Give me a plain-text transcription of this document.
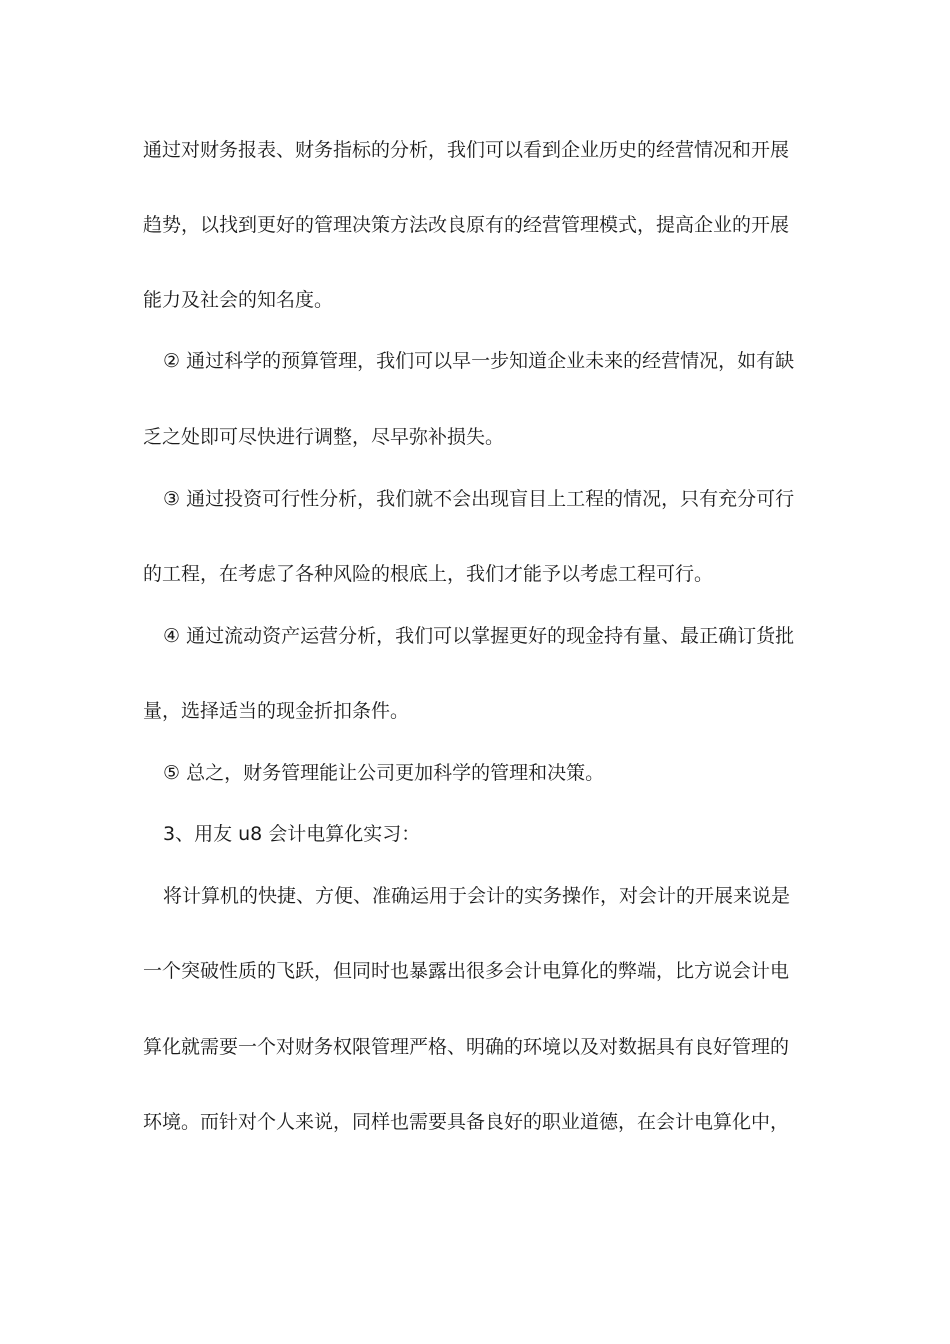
通过对财务报表、财务指标的分析，我们可以看到企业历史的经营情况和开展

趋势，以找到更好的管理决策方法改良原有的经营管理模式，提高企业的开展

能力及社会的知名度。

② 通过科学的预算管理，我们可以早一步知道企业未来的经营情况，如有缺

乏之处即可尽快进行调整，尽早弥补损失。

③ 通过投资可行性分析，我们就不会出现盲目上工程的情况，只有充分可行

的工程，在考虑了各种风险的根底上，我们才能予以考虑工程可行。

④ 通过流动资产运营分析，我们可以掌握更好的现金持有量、最正确订货批

量，选择适当的现金折扣条件。

⑤ 总之，财务管理能让公司更加科学的管理和决策。

3、用友 u8 会计电算化实习：

将计算机的快捷、方便、准确运用于会计的实务操作，对会计的开展来说是

一个突破性质的飞跃，但同时也暴露出很多会计电算化的弊端，比方说会计电

算化就需要一个对财务权限管理严格、明确的环境以及对数据具有良好管理的

环境。而针对个人来说，同样也需要具备良好的职业道德，在会计电算化中，
